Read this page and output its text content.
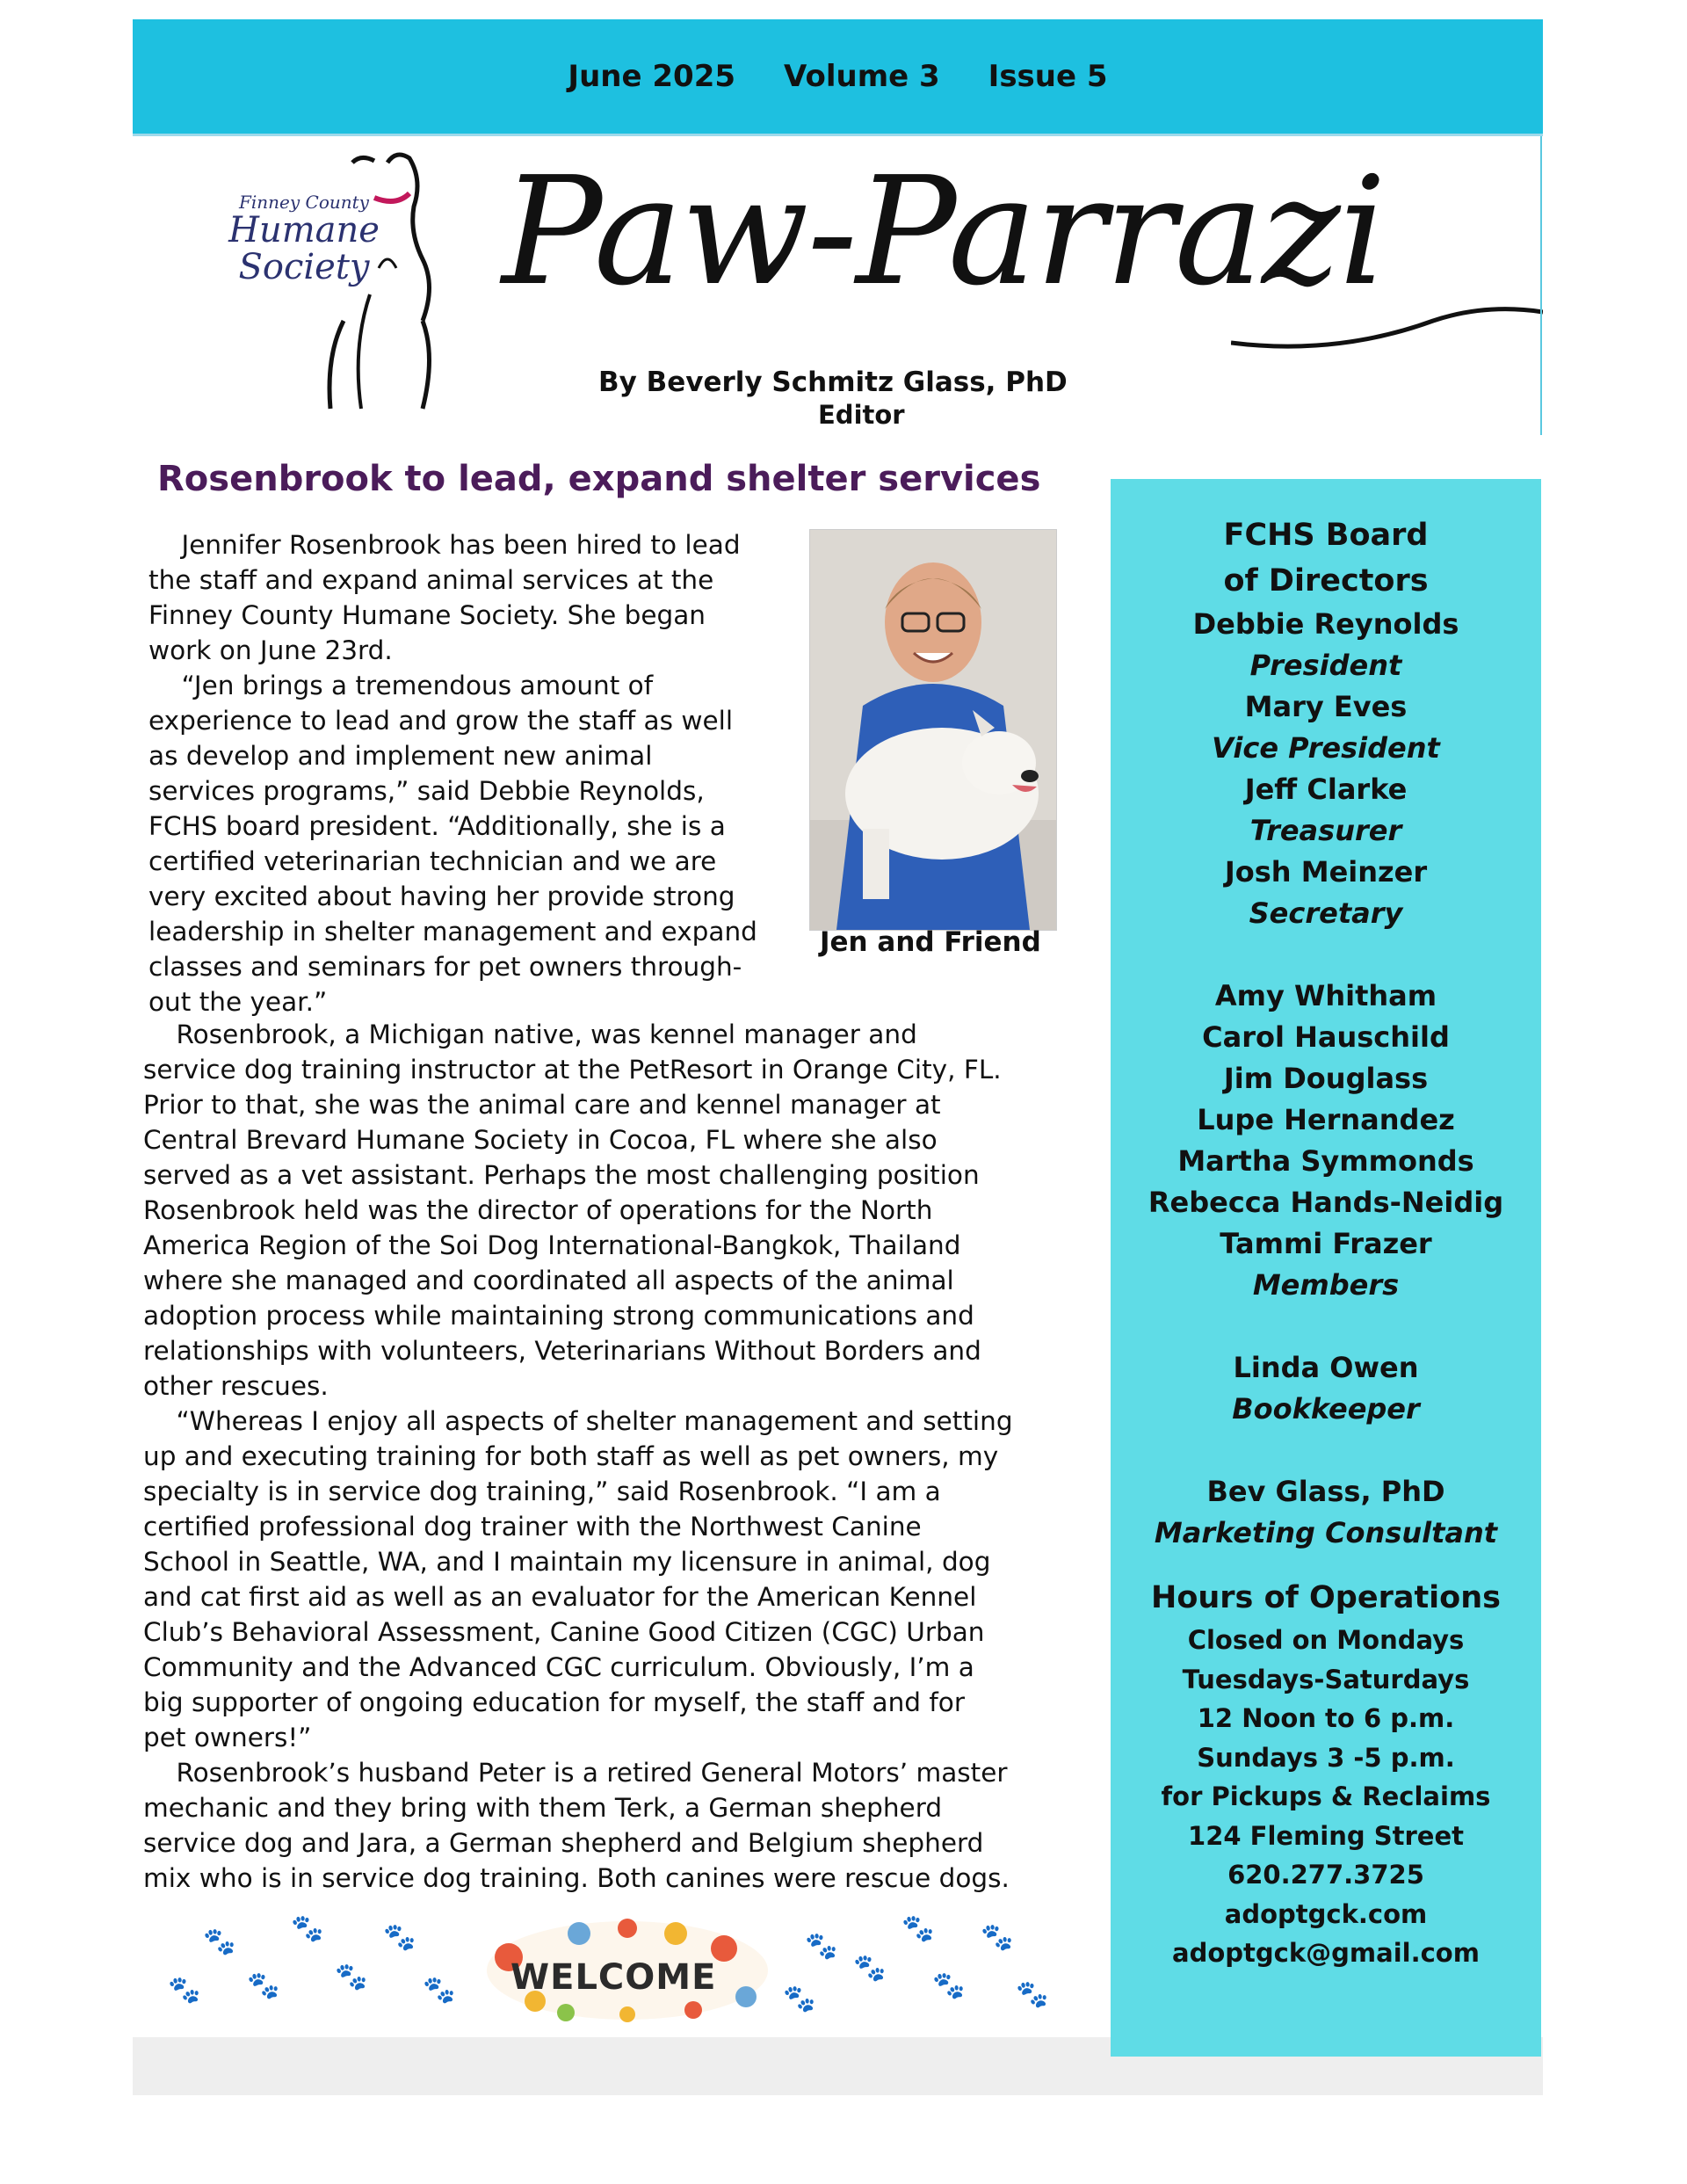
June 2025 Volume 3 Issue 5
Finney County
Humane
Society Paw-Parrazi
By Beverly Schmitz Glass, PhD
Editor
Rosenbrook to lead, expand shelter services
Jennifer Rosenbrook has been hired to lead
the staff and expand animal services at the
Finney County Humane Society. She began
work on June 23rd.
“Jen brings a tremendous amount of
experience to lead and grow the staff as well
as develop and implement new animal
services programs,” said Debbie Reynolds,
FCHS board president. “Additionally, she is a
certified veterinarian technician and we are
very excited about having her provide strong
leadership in shelter management and expand
classes and seminars for pet owners through-
out the year.”
Jen and Friend
Rosenbrook, a Michigan native, was kennel manager and
service dog training instructor at the PetResort in Orange City, FL.
Prior to that, she was the animal care and kennel manager at
Central Brevard Humane Society in Cocoa, FL where she also
served as a vet assistant. Perhaps the most challenging position
Rosenbrook held was the director of operations for the North
America Region of the Soi Dog International-Bangkok, Thailand
where she managed and coordinated all aspects of the animal
adoption process while maintaining strong communications and
relationships with volunteers, Veterinarians Without Borders and
other rescues.
“Whereas I enjoy all aspects of shelter management and setting
up and executing training for both staff as well as pet owners, my
specialty is in service dog training,” said Rosenbrook. “I am a
certified professional dog trainer with the Northwest Canine
School in Seattle, WA, and I maintain my licensure in animal, dog
and cat first aid as well as an evaluator for the American Kennel
Club’s Behavioral Assessment, Canine Good Citizen (CGC) Urban
Community and the Advanced CGC curriculum. Obviously, I’m a
big supporter of ongoing education for myself, the staff and for
pet owners!”
Rosenbrook’s husband Peter is a retired General Motors’ master
mechanic and they bring with them Terk, a German shepherd
service dog and Jara, a German shepherd and Belgium shepherd
mix who is in service dog training. Both canines were rescue dogs.
🐾
🐾
🐾
🐾
🐾
🐾
🐾 WELCOME
🐾
🐾
🐾
🐾
🐾
🐾
🐾
FCHS Board
of Directors
Debbie Reynolds
President
Mary Eves
Vice President
Jeff Clarke
Treasurer
Josh Meinzer
Secretary
Amy Whitham
Carol Hauschild
Jim Douglass
Lupe Hernandez
Martha Symmonds
Rebecca Hands-Neidig
Tammi Frazer
Members
Linda Owen
Bookkeeper
Bev Glass, PhD
Marketing Consultant
Hours of Operations
Closed on Mondays
Tuesdays-Saturdays
12 Noon to 6 p.m.
Sundays 3 -5 p.m.
for Pickups & Reclaims
124 Fleming Street
620.277.3725
adoptgck.com
adoptgck@gmail.com
